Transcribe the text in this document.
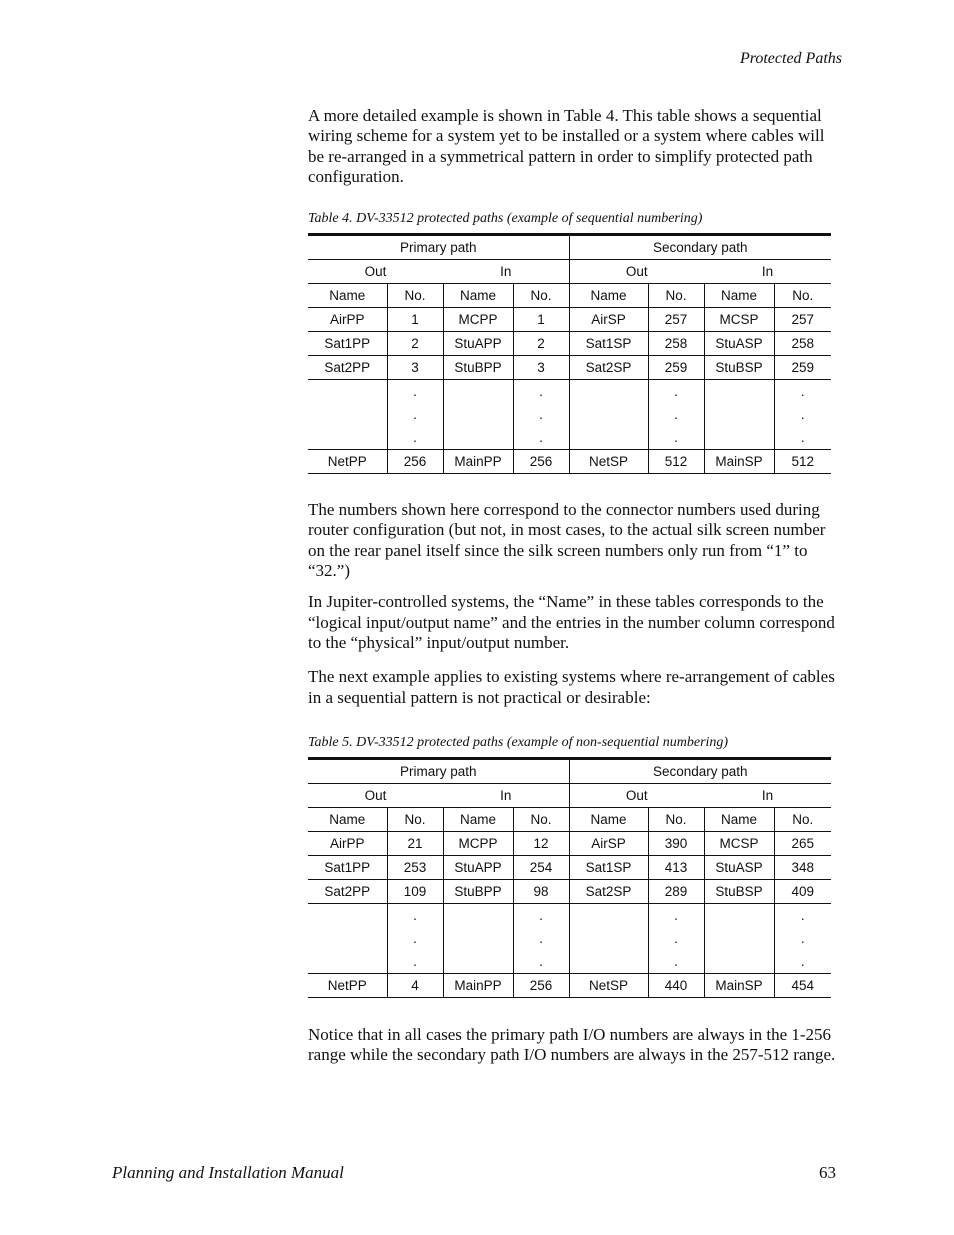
Protected Paths

A more detailed example is shown in Table 4. This table shows a sequential wiring scheme for a system yet to be installed or a system where cables will be re-arranged in a symmetrical pattern in order to simplify protected path configuration.

Table 4. DV-33512 protected paths (example of sequential numbering)

Primary path				Secondary path			
Out		In		Out		In	
Name	No.	Name	No.	Name	No.	Name	No.
AirPP	1	MCPP	1	AirSP	257	MCSP	257
Sat1PP	2	StuAPP	2	Sat1SP	258	StuASP	258
Sat2PP	3	StuBPP	3	Sat2SP	259	StuBSP	259
	.		.		.		.
	.		.		.		.
	.		.		.		.
NetPP	256	MainPP	256	NetSP	512	MainSP	512

The numbers shown here correspond to the connector numbers used during router configuration (but not, in most cases, to the actual silk screen number on the rear panel itself since the silk screen numbers only run from “1” to “32.”)

In Jupiter-controlled systems, the “Name” in these tables corresponds to the “logical input/output name” and the entries in the number column correspond to the “physical” input/output number.

The next example applies to existing systems where re-arrangement of cables in a sequential pattern is not practical or desirable:

Table 5. DV-33512 protected paths (example of non-sequential numbering)

Primary path				Secondary path			
Out		In		Out		In	
Name	No.	Name	No.	Name	No.	Name	No.
AirPP	21	MCPP	12	AirSP	390	MCSP	265
Sat1PP	253	StuAPP	254	Sat1SP	413	StuASP	348
Sat2PP	109	StuBPP	98	Sat2SP	289	StuBSP	409
	.		.		.		.
	.		.		.		.
	.		.		.		.
NetPP	4	MainPP	256	NetSP	440	MainSP	454

Notice that in all cases the primary path I/O numbers are always in the 1-256 range while the secondary path I/O numbers are always in the 257-512 range.

Planning and Installation Manual	63
